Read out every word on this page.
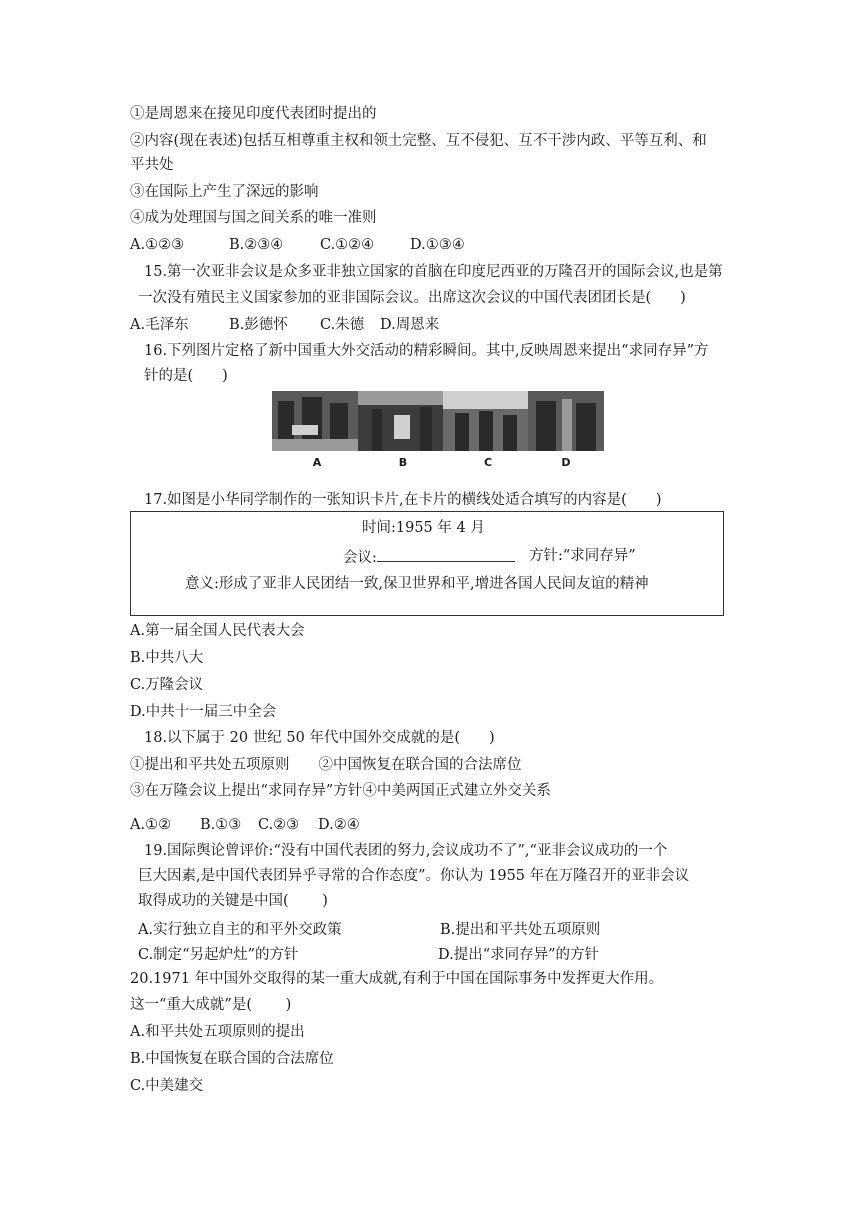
①是周恩来在接见印度代表团时提出的
②内容(现在表述)包括互相尊重主权和领土完整、互不侵犯、互不干涉内政、平等互利、和
平共处
③在国际上产生了深远的影响
④成为处理国与国之间关系的唯一准则
A.①②③	B.②③④	C.①②④ D.①③④
15.第一次亚非会议是众多亚非独立国家的首脑在印度尼西亚的万隆召开的国际会议,也是第
一次没有殖民主义国家参加的亚非国际会议。出席这次会议的中国代表团团长是(　　)
A.毛泽东	B.彭德怀 C.朱德 D.周恩来
16.下列图片定格了新中国重大外交活动的精彩瞬间。其中,反映周恩来提出“求同存异”方
针的是(　　)
A	B	C	D
17.如图是小华同学制作的一张知识卡片,在卡片的横线处适合填写的内容是(　　)
时间:1955 年 4 月
会议:	方针:“求同存异”
意义:形成了亚非人民团结一致,保卫世界和平,增进各国人民间友谊的精神
A.第一届全国人民代表大会
B.中共八大
C.万隆会议
D.中共十一届三中全会
18.以下属于 20 世纪 50 年代中国外交成就的是(　　)
①提出和平共处五项原则　　②中国恢复在联合国的合法席位
③在万隆会议上提出“求同存异”方针④中美两国正式建立外交关系
A.①② B.①③ C.②③ D.②④
19.国际舆论曾评价:“没有中国代表团的努力,会议成功不了”,“亚非会议成功的一个
巨大因素,是中国代表团异乎寻常的合作态度”。你认为 1955 年在万隆召开的亚非会议
取得成功的关键是中国(　　 )
A.实行独立自主的和平外交政策	B.提出和平共处五项原则
C.制定“另起炉灶”的方针	D.提出“求同存异”的方针
20.1971 年中国外交取得的某一重大成就,有利于中国在国际事务中发挥更大作用。
这一“重大成就”是(　　 )
A.和平共处五项原则的提出
B.中国恢复在联合国的合法席位
C.中美建交
